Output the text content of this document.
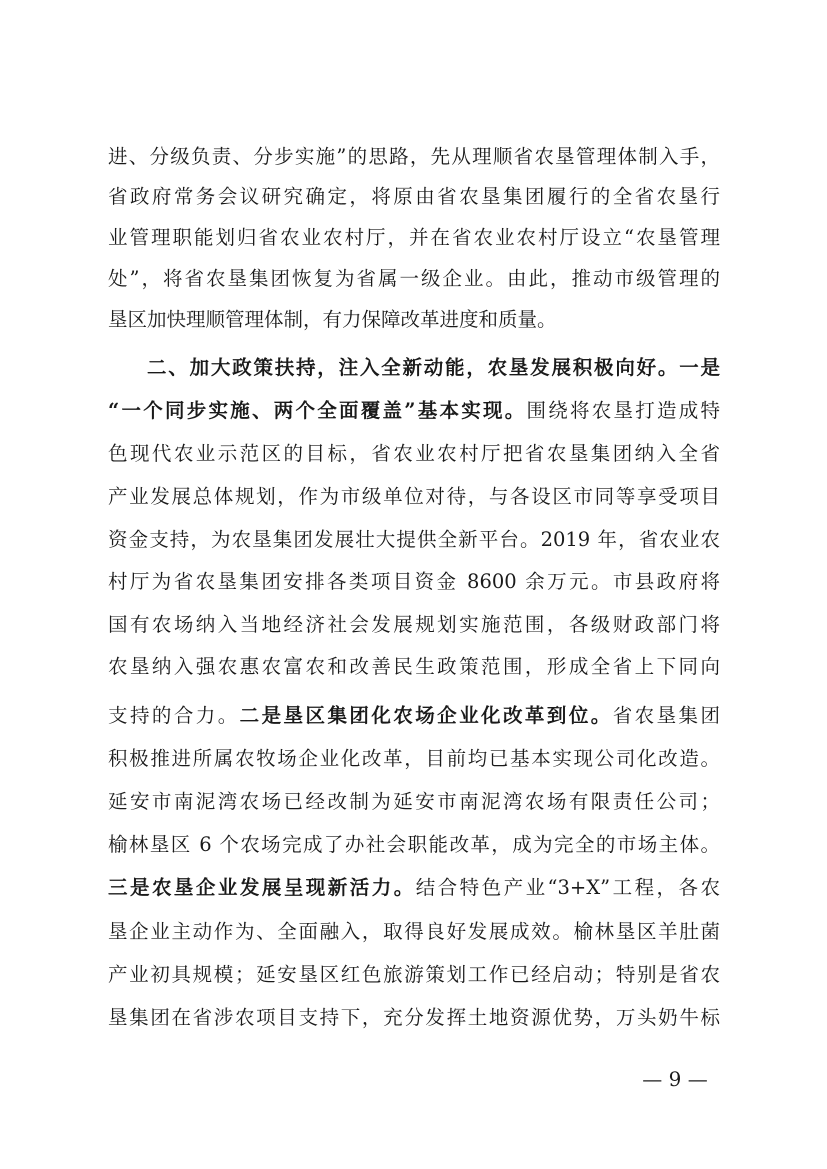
进、分级负责、分步实施”的思路，先从理顺省农垦管理体制入手，

省政府常务会议研究确定，将原由省农垦集团履行的全省农垦行

业管理职能划归省农业农村厅，并在省农业农村厅设立“农垦管理

处”，将省农垦集团恢复为省属一级企业。由此，推动市级管理的

垦区加快理顺管理体制，有力保障改革进度和质量。

二、加大政策扶持，注入全新动能，农垦发展积极向好。一是

“一个同步实施、两个全面覆盖”基本实现。围绕将农垦打造成特

色现代农业示范区的目标，省农业农村厅把省农垦集团纳入全省

产业发展总体规划，作为市级单位对待，与各设区市同等享受项目

资金支持，为农垦集团发展壮大提供全新平台。2019 年，省农业农

村厅为省农垦集团安排各类项目资金 8600 余万元。市县政府将

国有农场纳入当地经济社会发展规划实施范围，各级财政部门将

农垦纳入强农惠农富农和改善民生政策范围，形成全省上下同向

支持的合力。二是垦区集团化农场企业化改革到位。省农垦集团

积极推进所属农牧场企业化改革，目前均已基本实现公司化改造。

延安市南泥湾农场已经改制为延安市南泥湾农场有限责任公司；

榆林垦区 6 个农场完成了办社会职能改革，成为完全的市场主体。

三是农垦企业发展呈现新活力。结合特色产业“3+X”工程，各农

垦企业主动作为、全面融入，取得良好发展成效。榆林垦区羊肚菌

产业初具规模；延安垦区红色旅游策划工作已经启动；特别是省农

垦集团在省涉农项目支持下，充分发挥土地资源优势，万头奶牛标

— 9 —
